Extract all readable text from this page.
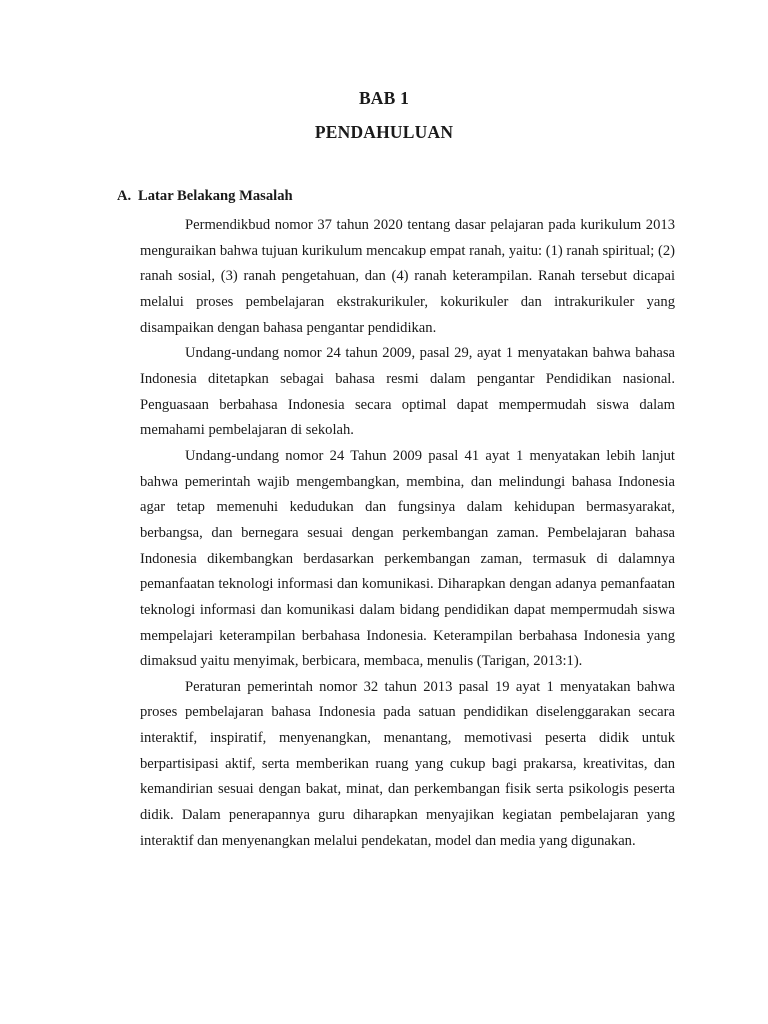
BAB 1
PENDAHULUAN
A. Latar Belakang Masalah

Permendikbud nomor 37 tahun 2020 tentang dasar pelajaran pada kurikulum 2013 menguraikan bahwa tujuan kurikulum mencakup empat ranah, yaitu: (1) ranah spiritual; (2) ranah sosial, (3) ranah pengetahuan, dan (4) ranah keterampilan. Ranah tersebut dicapai melalui proses pembelajaran ekstrakurikuler, kokurikuler dan intrakurikuler yang disampaikan dengan bahasa pengantar pendidikan.

Undang-undang nomor 24 tahun 2009, pasal 29, ayat 1 menyatakan bahwa bahasa Indonesia ditetapkan sebagai bahasa resmi dalam pengantar Pendidikan nasional. Penguasaan berbahasa Indonesia secara optimal dapat mempermudah siswa dalam memahami pembelajaran di sekolah.

Undang-undang nomor 24 Tahun 2009 pasal 41 ayat 1 menyatakan lebih lanjut bahwa pemerintah wajib mengembangkan, membina, dan melindungi bahasa Indonesia agar tetap memenuhi kedudukan dan fungsinya dalam kehidupan bermasyarakat, berbangsa, dan bernegara sesuai dengan perkembangan zaman. Pembelajaran bahasa Indonesia dikembangkan berdasarkan perkembangan zaman, termasuk di dalamnya pemanfaatan teknologi informasi dan komunikasi. Diharapkan dengan adanya pemanfaatan teknologi informasi dan komunikasi dalam bidang pendidikan dapat mempermudah siswa mempelajari keterampilan berbahasa Indonesia. Keterampilan berbahasa Indonesia yang dimaksud yaitu menyimak, berbicara, membaca, menulis (Tarigan, 2013:1).

Peraturan pemerintah nomor 32 tahun 2013 pasal 19 ayat 1 menyatakan bahwa proses pembelajaran bahasa Indonesia pada satuan pendidikan diselenggarakan secara interaktif, inspiratif, menyenangkan, menantang, memotivasi peserta didik untuk berpartisipasi aktif, serta memberikan ruang yang cukup bagi prakarsa, kreativitas, dan kemandirian sesuai dengan bakat, minat, dan perkembangan fisik serta psikologis peserta didik. Dalam penerapannya guru diharapkan menyajikan kegiatan pembelajaran yang interaktif dan menyenangkan melalui pendekatan, model dan media yang digunakan.
